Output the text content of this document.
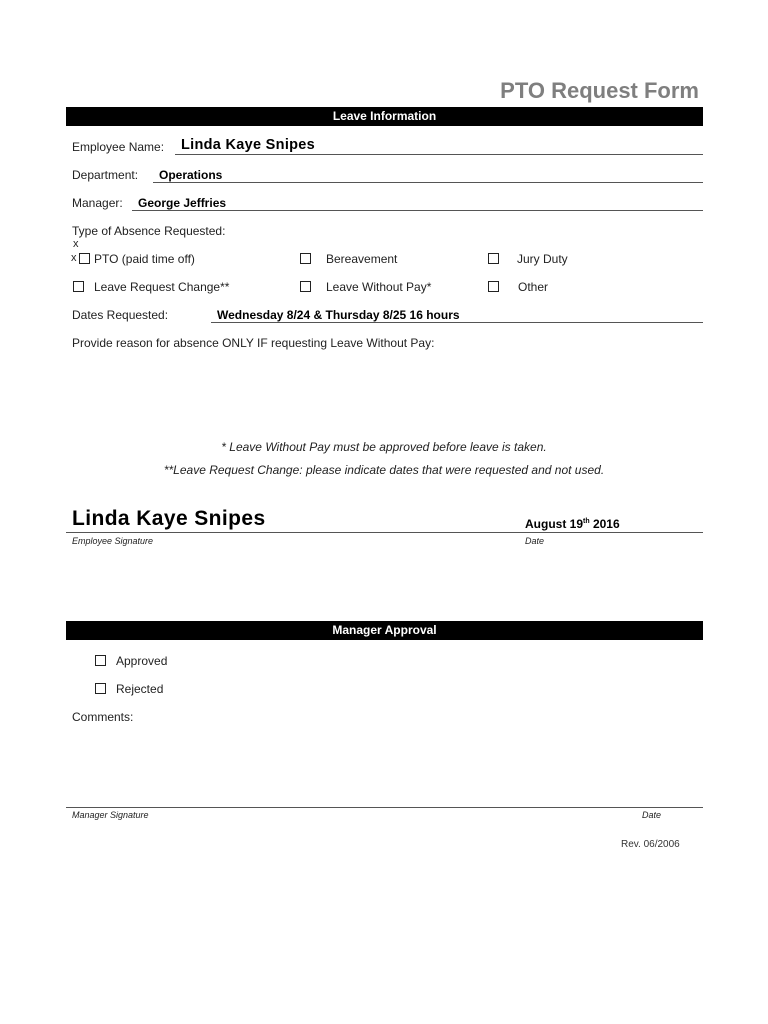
PTO Request Form
Leave Information
Employee Name: Linda Kaye Snipes
Department: Operations
Manager: George Jeffries
Type of Absence Requested:
x
x PTO (paid time off)	Bereavement	Jury Duty
Leave Request Change**	Leave Without Pay*	Other
Dates Requested:	Wednesday 8/24 & Thursday 8/25 16 hours
Provide reason for absence ONLY IF requesting Leave Without Pay:
* Leave Without Pay must be approved before leave is taken.
**Leave Request Change: please indicate dates that were requested and not used.
Linda Kaye Snipes	August 19th 2016
Employee Signature	Date
Manager Approval
Approved
Rejected
Comments:
Manager Signature	Date
Rev. 06/2006
